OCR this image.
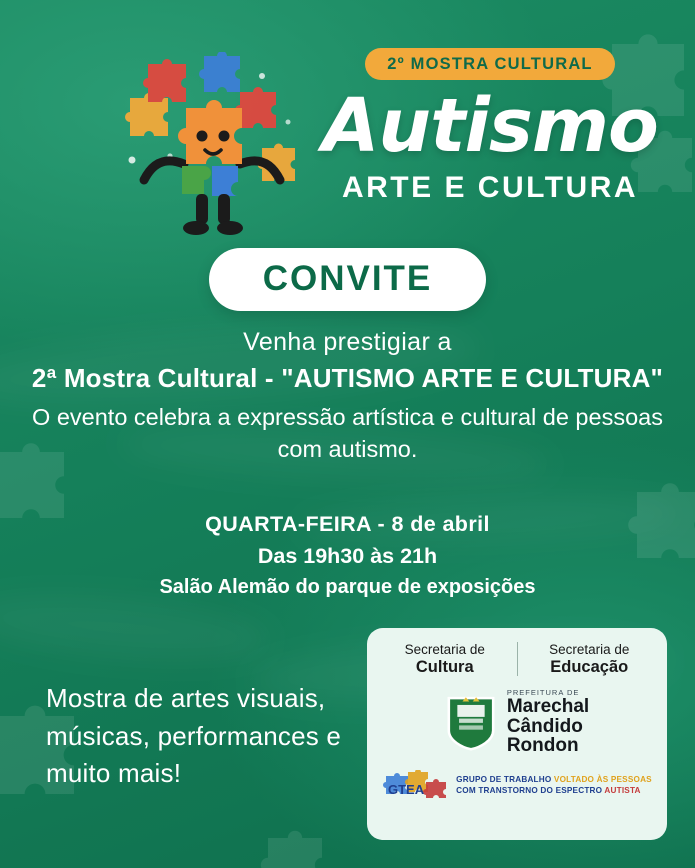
2º MOSTRA CULTURAL
Autismo
ARTE E CULTURA
CONVITE
Venha prestigiar a
2ª Mostra Cultural - "AUTISMO ARTE E CULTURA"
O evento celebra a expressão artística e cultural de pessoas com autismo.
QUARTA-FEIRA - 8 de abril
Das 19h30 às 21h
Salão Alemão do parque de exposições
Mostra de artes visuais, músicas, performances e muito mais!
Secretaria de
Cultura
Secretaria de
Educação
PREFEITURA DE
Marechal
Cândido
Rondon
GTEA
GRUPO DE TRABALHO VOLTADO ÀS PESSOAS
COM TRANSTORNO DO ESPECTRO AUTISTA
